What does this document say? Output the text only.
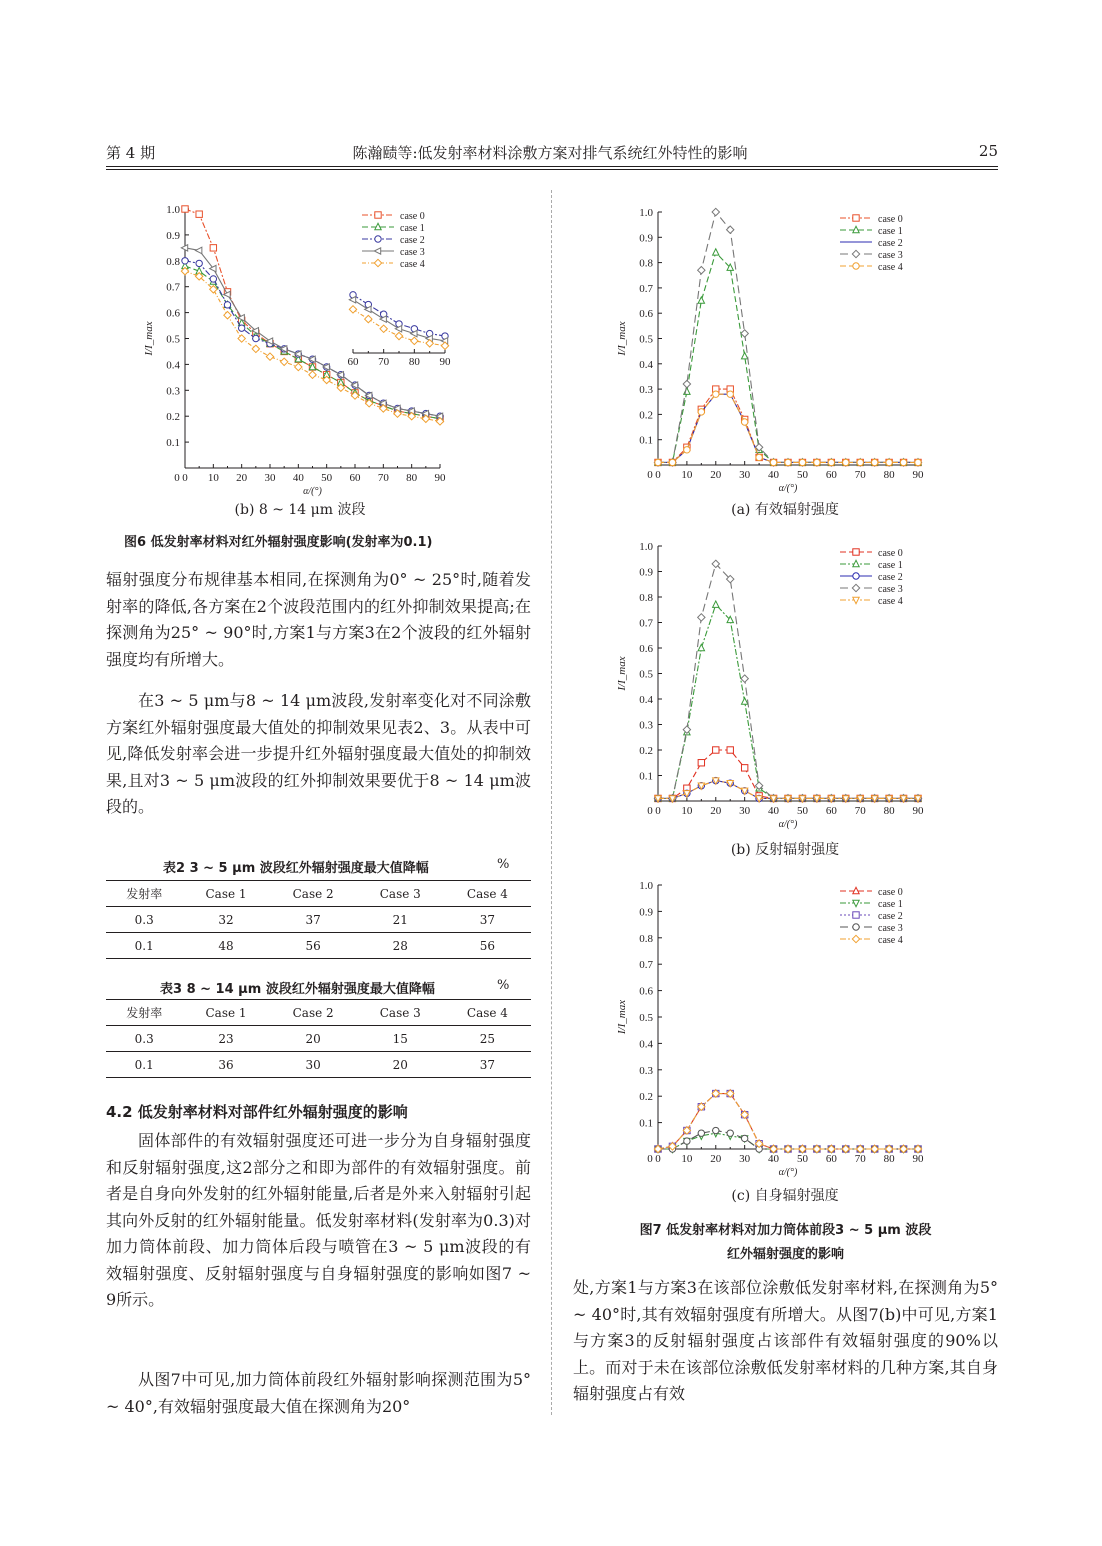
第 4 期	陈瀚赜等:低发射率材料涂敷方案对排气系统红外特性的影响	25
0 10 20 30 40 50 60 70 80 90
0.1
0.2
0.3
0.4
0.5
0.6
0.7
0.8
0.9
1.0
0
α/(°)
I/I_max
case 0
case 1
case 2
case 3
case 4
60 70 80 90
(b) 8 ~ 14 μm 波段
图6 低发射率材料对红外辐射强度影响(发射率为0.1)
辐射强度分布规律基本相同,在探测角为0° ~ 25°时,随着发射率的降低,各方案在2个波段范围内的红外抑制效果提高;在探测角为25° ~ 90°时,方案1与方案3在2个波段的红外辐射强度均有所增大。
在3 ~ 5 μm与8 ~ 14 μm波段,发射率变化对不同涂敷方案红外辐射强度最大值处的抑制效果见表2、3。从表中可见,降低发射率会进一步提升红外辐射强度最大值处的抑制效果,且对3 ~ 5 μm波段的红外抑制效果要优于8 ~ 14 μm波段的。
表2 3 ~ 5 μm 波段红外辐射强度最大值降幅	%
发射率	Case 1	Case 2	Case 3	Case 4
0.3	32	37	21	37
0.1	48	56	28	56
表3 8 ~ 14 μm 波段红外辐射强度最大值降幅	%
发射率	Case 1	Case 2	Case 3	Case 4
0.3	23	20	15	25
0.1	36	30	20	37
4.2 低发射率材料对部件红外辐射强度的影响
固体部件的有效辐射强度还可进一步分为自身辐射强度和反射辐射强度,这2部分之和即为部件的有效辐射强度。前者是自身向外发射的红外辐射能量,后者是外来入射辐射引起其向外反射的红外辐射能量。低发射率材料(发射率为0.3)对加力筒体前段、加力筒体后段与喷管在3 ~ 5 μm波段的有效辐射强度、反射辐射强度与自身辐射强度的影响如图7 ~ 9所示。
从图7中可见,加力筒体前段红外辐射影响探测范围为5° ~ 40°,有效辐射强度最大值在探测角为20°
0 10 20 30 40 50 60 70 80 90
0.1
0.2
0.3
0.4
0.5
0.6
0.7
0.8
0.9
1.0
0
α/(°)
I/I_max
case 0
case 1
case 2
case 3
case 4
(a) 有效辐射强度
0 10 20 30 40 50 60 70 80 90
0.1
0.2
0.3
0.4
0.5
0.6
0.7
0.8
0.9
1.0
0
α/(°)
I/I_max
case 0
case 1
case 2
case 3
case 4
(b) 反射辐射强度
0 10 20 30 40 50 60 70 80 90
0.1
0.2
0.3
0.4
0.5
0.6
0.7
0.8
0.9
1.0
0
α/(°)
I/I_max
case 0
case 1
case 2
case 3
case 4
(c) 自身辐射强度
图7 低发射率材料对加力筒体前段3 ~ 5 μm 波段
红外辐射强度的影响
处,方案1与方案3在该部位涂敷低发射率材料,在探测角为5° ~ 40°时,其有效辐射强度有所增大。从图7(b)中可见,方案1与方案3的反射辐射强度占该部件有效辐射强度的90%以上。而对于未在该部位涂敷低发射率材料的几种方案,其自身辐射强度占有效
